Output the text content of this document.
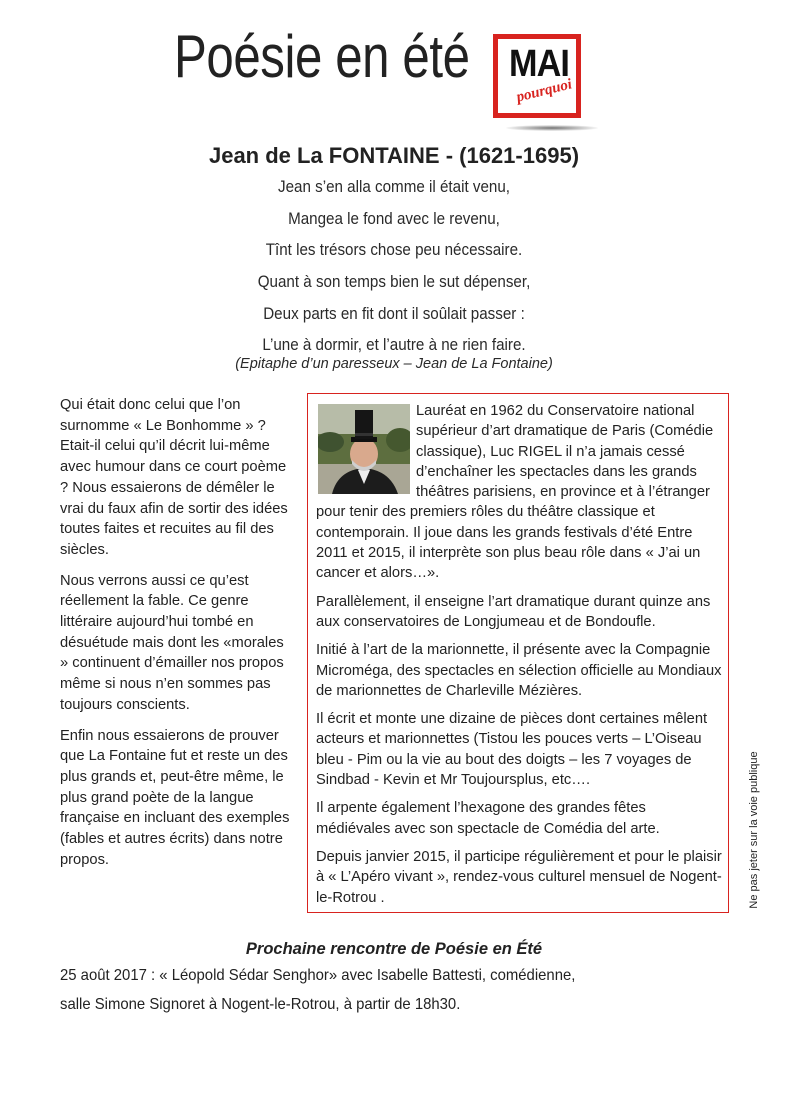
Poésie en été MAI
pourquoi
Jean de La FONTAINE - (1621-1695)
Jean s’en alla comme il était venu,
Mangea le fond avec le revenu,
Tînt les trésors chose peu nécessaire.
Quant à son temps bien le sut dépenser,
Deux parts en fit dont il soûlait passer :
L’une à dormir, et l’autre à ne rien faire.
(Epitaphe d’un paresseux – Jean de La Fontaine)

Qui était donc celui que l’on surnomme « Le Bonhomme » ? Etait-il celui qu’il décrit lui-même avec humour dans ce court poème ? Nous essaierons de démêler le vrai du faux afin de sortir des idées toutes faites et recuites au fil des siècles.

Nous verrons aussi ce qu’est réellement la fable. Ce genre littéraire aujourd’hui tombé en désuétude mais dont les «morales » continuent d’émailler nos propos même si nous n’en sommes pas toujours conscients.

Enfin nous essaierons de prouver que La Fontaine fut et reste un des plus grands et, peut-être même, le plus grand poète de la langue française en incluant des exemples (fables et autres écrits) dans notre propos.

Lauréat en 1962 du Conservatoire national supérieur d’art dramatique de Paris (Comédie classique), Luc RIGEL il n’a jamais cessé d’enchaîner les spectacles dans les grands théâtres parisiens, en province et à l’étranger pour tenir des premiers rôles du théâtre classique et contemporain. Il joue dans les grands festivals d’été Entre 2011 et 2015, il interprète son plus beau rôle dans « J’ai un cancer et alors…».

Parallèlement, il enseigne l’art dramatique durant quinze ans aux conservatoires de Longjumeau et de Bondoufle.

Initié à l’art de la marionnette, il présente avec la Compagnie Microméga, des spectacles en sélection officielle au Mondiaux de marionnettes de Charleville Mézières.

Il écrit et monte une dizaine de pièces dont certaines mêlent acteurs et marionnettes (Tistou les pouces verts – L’Oiseau bleu - Pim ou la vie au bout des doigts – les 7 voyages de Sindbad - Kevin et Mr Toujoursplus, etc….

Il arpente également l’hexagone des grandes fêtes médiévales avec son spectacle de Comédia del arte.

Depuis janvier 2015, il participe régulièrement et pour le plaisir à « L’Apéro vivant », rendez-vous culturel mensuel de Nogent-le-Rotrou .	Ne pas jeter sur la voie publique
Prochaine rencontre de Poésie en Été
25 août 2017 : « Léopold Sédar Senghor» avec Isabelle Battesti, comédienne,
salle Simone Signoret à Nogent-le-Rotrou, à partir de 18h30.
